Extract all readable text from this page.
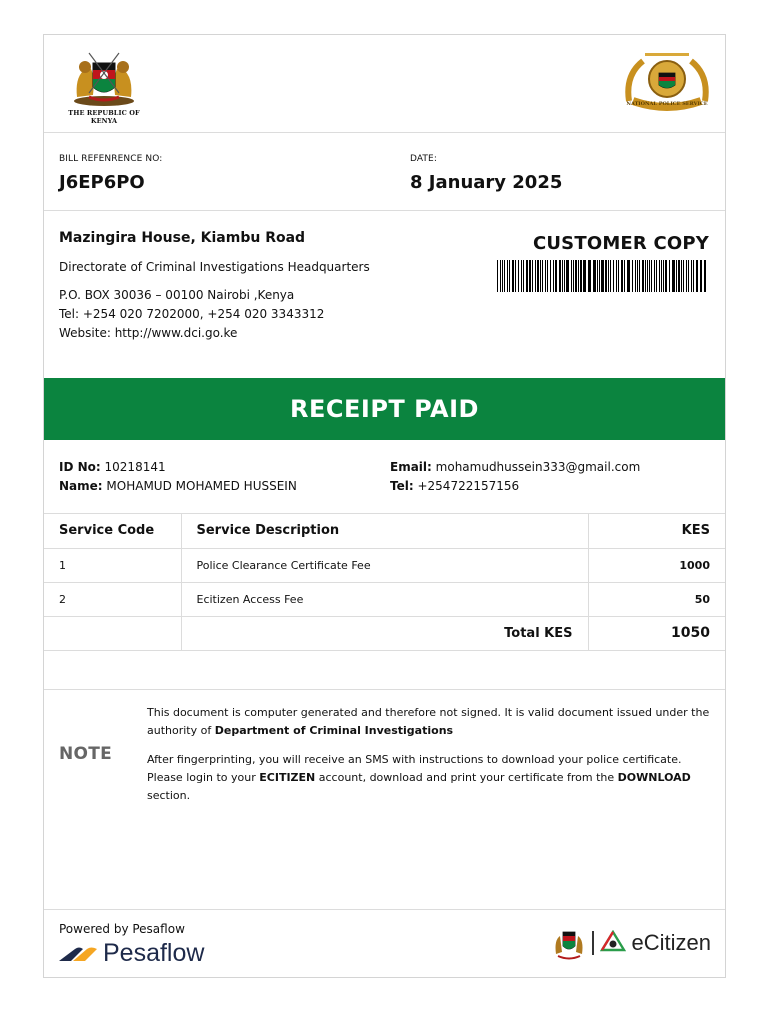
THE REPUBLIC OF KENYA
NATIONAL POLICE SERVICE
BILL REFENRENCE NO:
J6EP6PO
DATE:
8 January 2025
Mazingira House, Kiambu Road
Directorate of Criminal Investigations Headquarters
P.O. BOX 30036 – 00100 Nairobi ,Kenya
Tel: +254 020 7202000, +254 020 3343312
Website: http://www.dci.go.ke
CUSTOMER COPY
RECEIPT PAID
ID No: 10218141
Name: MOHAMUD MOHAMED HUSSEIN
Email: mohamudhussein333@gmail.com
Tel: +254722157156
Service Code	Service Description	KES
1	Police Clearance Certificate Fee	1000
2	Ecitizen Access Fee	50
	Total KES	1050
NOTE

This document is computer generated and therefore not signed. It is valid document issued under the authority of Department of Criminal Investigations

After fingerprinting, you will receive an SMS with instructions to download your police certificate. Please login to your ECITIZEN account, download and print your certificate from the DOWNLOAD section.

Powered by Pesaflow
Pesaflow	eCitizen
